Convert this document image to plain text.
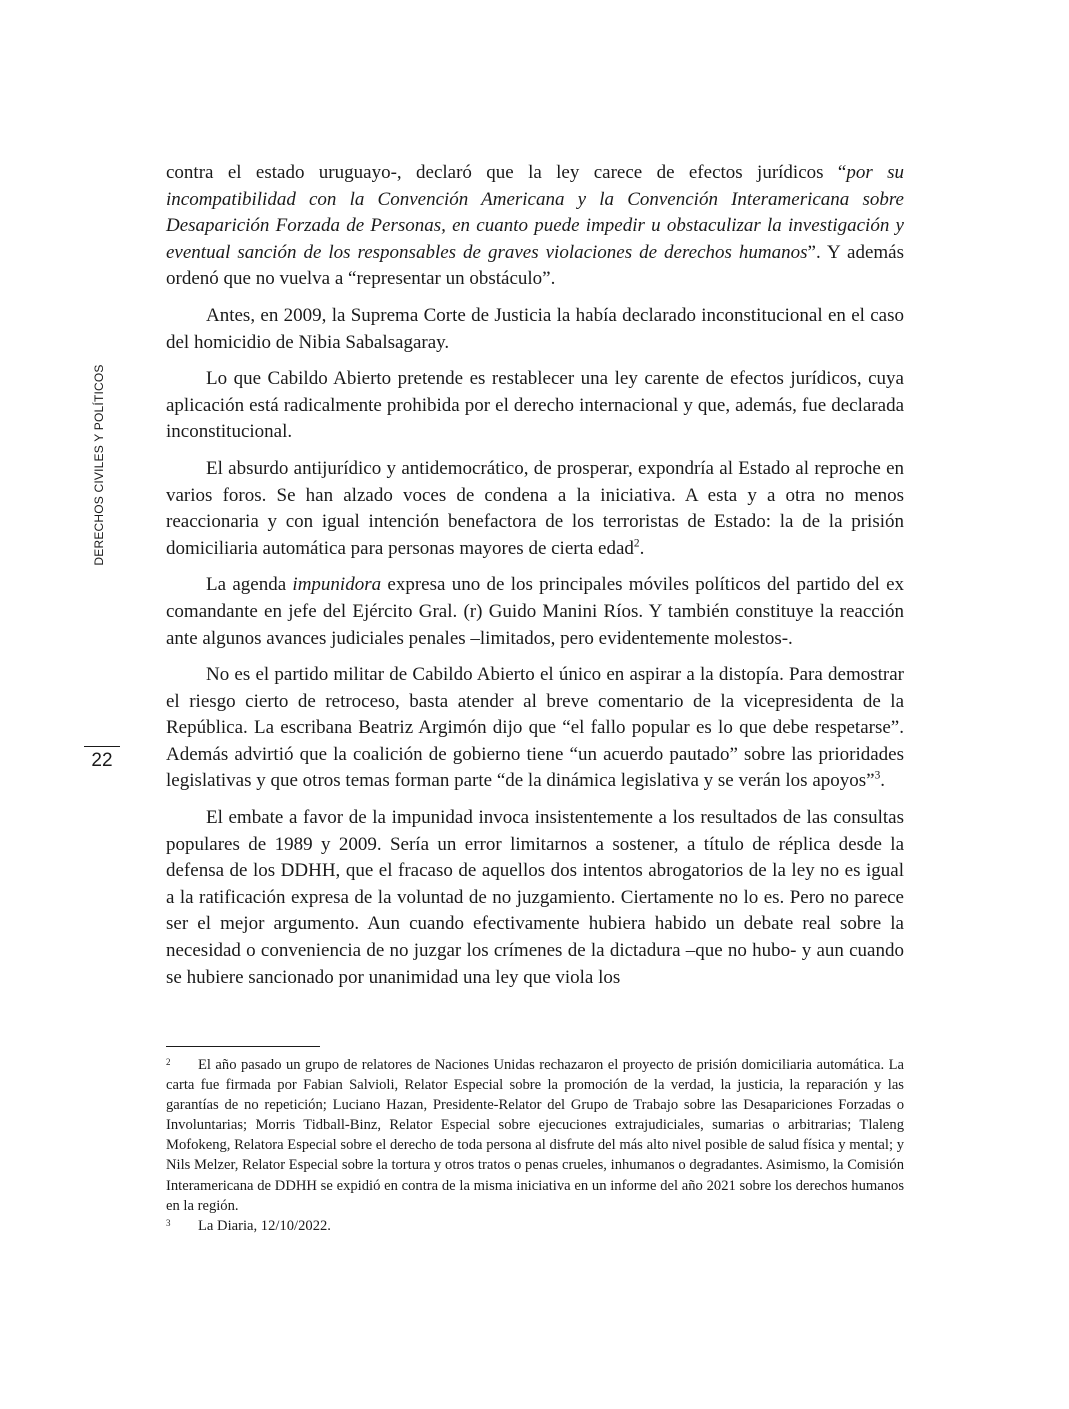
DERECHOS CIVILES Y POLÍTICOS
22

contra el estado uruguayo-, declaró que la ley carece de efectos jurídicos “por su incompatibilidad con la Convención Americana y la Convención Interamericana sobre Desaparición Forzada de Personas, en cuanto puede impedir u obstaculizar la investigación y eventual sanción de los responsables de graves violaciones de derechos humanos”. Y además ordenó que no vuelva a “representar un obstáculo”.

Antes, en 2009, la Suprema Corte de Justicia la había declarado inconstitucional en el caso del homicidio de Nibia Sabalsagaray.

Lo que Cabildo Abierto pretende es restablecer una ley carente de efectos jurídicos, cuya aplicación está radicalmente prohibida por el derecho internacional y que, además, fue declarada inconstitucional.

El absurdo antijurídico y antidemocrático, de prosperar, expondría al Estado al reproche en varios foros. Se han alzado voces de condena a la iniciativa. A esta y a otra no menos reaccionaria y con igual intención benefactora de los terroristas de Estado: la de la prisión domiciliaria automática para personas mayores de cierta edad$^2$.

La agenda impunidora expresa uno de los principales móviles políticos del partido del ex comandante en jefe del Ejército Gral. (r) Guido Manini Ríos. Y también constituye la reacción ante algunos avances judiciales penales –limitados, pero evidentemente molestos-.

No es el partido militar de Cabildo Abierto el único en aspirar a la distopía. Para demostrar el riesgo cierto de retroceso, basta atender al breve comentario de la vicepresidenta de la República. La escribana Beatriz Argimón dijo que “el fallo popular es lo que debe respetarse”. Además advirtió que la coalición de gobierno tiene “un acuerdo pautado” sobre las prioridades legislativas y que otros temas forman parte “de la dinámica legislativa y se verán los apoyos”$^3$.

El embate a favor de la impunidad invoca insistentemente a los resultados de las consultas populares de 1989 y 2009. Sería un error limitarnos a sostener, a título de réplica desde la defensa de los DDHH, que el fracaso de aquellos dos intentos abrogatorios de la ley no es igual a la ratificación expresa de la voluntad de no juzgamiento. Ciertamente no lo es. Pero no parece ser el mejor argumento. Aun cuando efectivamente hubiera habido un debate real sobre la necesidad o conveniencia de no juzgar los crímenes de la dictadura –que no hubo- y aun cuando se hubiere sancionado por unanimidad una ley que viola los

2 El año pasado un grupo de relatores de Naciones Unidas rechazaron el proyecto de prisión domiciliaria automática. La carta fue firmada por Fabian Salvioli, Relator Especial sobre la promoción de la verdad, la justicia, la reparación y las garantías de no repetición; Luciano Hazan, Presidente-Relator del Grupo de Trabajo sobre las Desapariciones Forzadas o Involuntarias; Morris Tidball-Binz, Relator Especial sobre ejecuciones extrajudiciales, sumarias o arbitrarias; Tlaleng Mofokeng, Relatora Especial sobre el derecho de toda persona al disfrute del más alto nivel posible de salud física y mental; y Nils Melzer, Relator Especial sobre la tortura y otros tratos o penas crueles, inhumanos o degradantes. Asimismo, la Comisión Interamericana de DDHH se expidió en contra de la misma iniciativa en un informe del año 2021 sobre los derechos humanos en la región.

3 La Diaria, 12/10/2022.
